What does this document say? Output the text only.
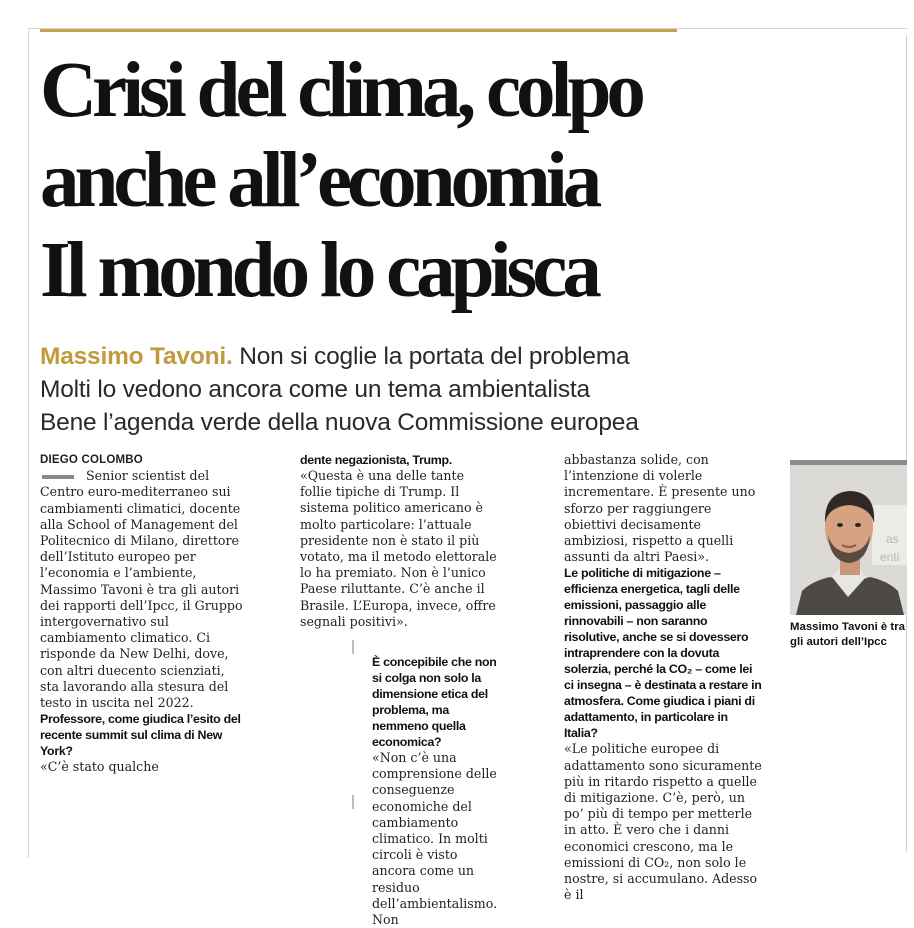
Crisi del clima, colpo
anche all’economia
Il mondo lo capisca
Massimo Tavoni. Non si coglie la portata del problema
Molti lo vedono ancora come un tema ambientalista
Bene l’agenda verde della nuova Commissione europea

DIEGO COLOMBO

Senior scientist del Centro euro-mediterraneo sui cambiamenti climatici, docente alla School of Management del Politecnico di Milano, direttore dell’Istituto europeo per l’economia e l’ambiente, Massimo Tavoni è tra gli autori dei rapporti dell’Ipcc, il Gruppo intergovernativo sul cambiamento climatico. Ci risponde da New Delhi, dove, con altri duecento scienziati, sta lavorando alla stesura del testo in uscita nel 2022.

Professore, come giudica l’esito del recente summit sul clima di New York?

«C’è stato qualche

dente negazionista, Trump.

«Questa è una delle tante follie tipiche di Trump. Il sistema politico americano è molto particolare: l’attuale presidente non è stato il più votato, ma il metodo elettorale lo ha premiato. Non è l’unico Paese riluttante. C’è anche il Brasile. L’Europa, invece, offre segnali positivi».

È concepibile che non si colga non solo la dimensione etica del problema, ma nemmeno quella economica?

«Non c’è una comprensione delle conseguenze economiche del cambiamento climatico. In molti circoli è visto ancora come un residuo dell’ambientalismo. Non

abbastanza solide, con l’intenzione di volerle incrementare. È presente uno sforzo per raggiungere obiettivi decisamente ambiziosi, rispetto a quelli assunti da altri Paesi».

Le politiche di mitigazione – efficienza energetica, tagli delle emissioni, passaggio alle rinnovabili – non saranno risolutive, anche se si dovessero intraprendere con la dovuta solerzia, perché la CO₂ – come lei ci insegna – è destinata a restare in atmosfera. Come giudica i piani di adattamento, in particolare in Italia?

«Le politiche europee di adattamento sono sicuramente più in ritardo rispetto a quelle di mitigazione. C’è, però, un po’ più di tempo per metterle in atto. È vero che i danni economici crescono, ma le emissioni di CO₂, non solo le nostre, si accumulano. Adesso è il

as
enti
Massimo Tavoni è tra gli autori dell’Ipcc
